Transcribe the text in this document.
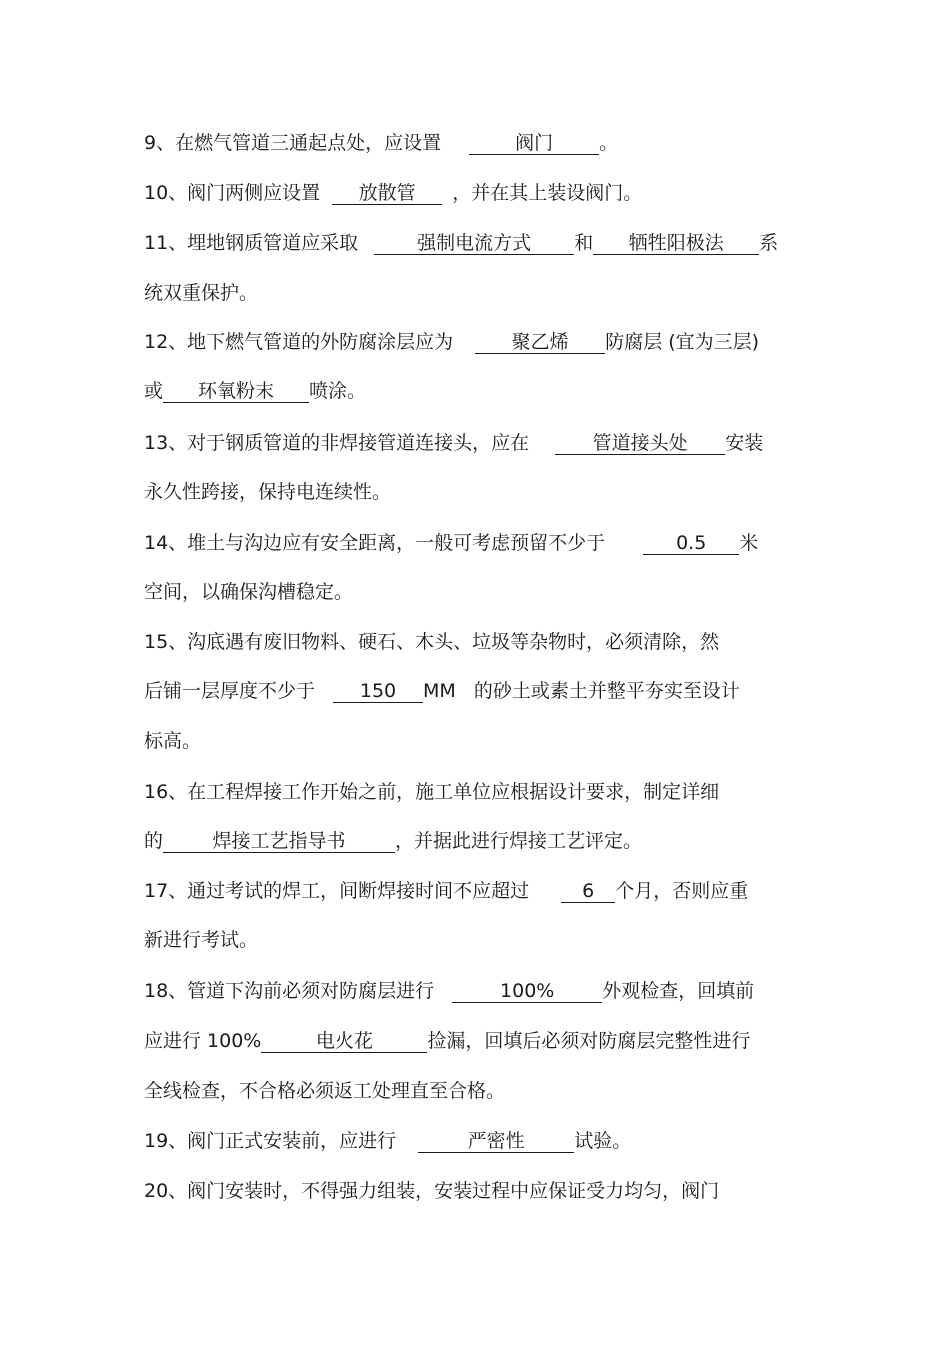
9、在燃气管道三通起点处，应设置	阀门 。
10、阀门两侧应设置 放散管 ，并在其上装设阀门。
11、埋地钢质管道应采取	强制电流方式 和 牺牲阳极法 系
统双重保护。
12、地下燃气管道的外防腐涂层应为	聚乙烯 防腐层 (宜为三层)
或 环氧粉末 喷涂。
13、对于钢质管道的非焊接管道连接头，应在	管道接头处 安装
永久性跨接，保持电连续性。
14、堆土与沟边应有安全距离，一般可考虑预留不少于	0.5 米
空间，以确保沟槽稳定。
15、沟底遇有废旧物料、硬石、木头、垃圾等杂物时，必须清除，然
后铺一层厚度不少于 150 MM 的砂土或素土并整平夯实至设计
标高。
16、在工程焊接工作开始之前，施工单位应根据设计要求，制定详细
的	焊接工艺指导书	，并据此进行焊接工艺评定。
17、通过考试的焊工，间断焊接时间不应超过	6 个月，否则应重
新进行考试。
18、管道下沟前必须对防腐层进行	100%	外观检查，回填前
应进行 100%	电火花	捡漏，回填后必须对防腐层完整性进行
全线检查，不合格必须返工处理直至合格。
19、阀门正式安装前，应进行	严密性	试验。
20、阀门安装时，不得强力组装，安装过程中应保证受力均匀，阀门
